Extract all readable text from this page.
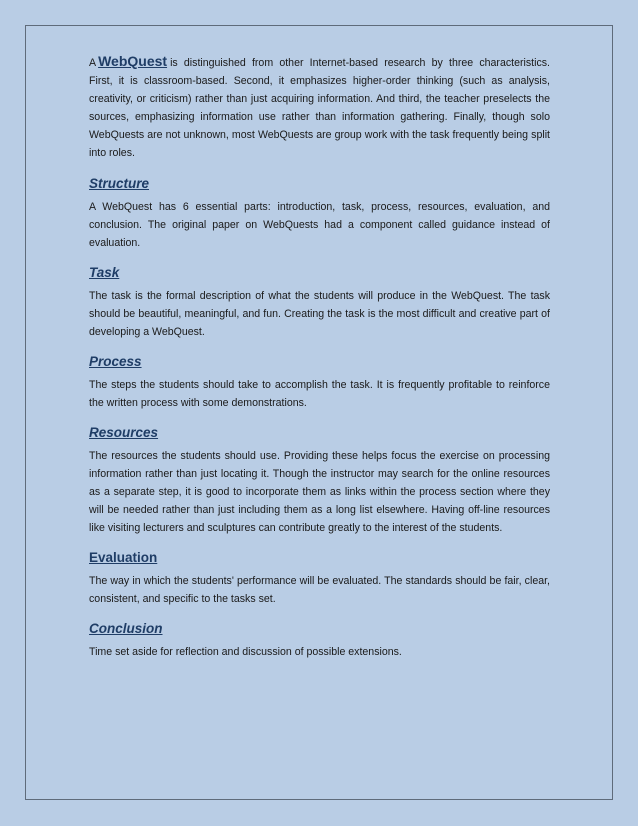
A WebQuest is distinguished from other Internet-based research by three characteristics. First, it is classroom-based. Second, it emphasizes higher-order thinking (such as analysis, creativity, or criticism) rather than just acquiring information. And third, the teacher preselects the sources, emphasizing information use rather than information gathering. Finally, though solo WebQuests are not unknown, most WebQuests are group work with the task frequently being split into roles.

Structure

A WebQuest has 6 essential parts: introduction, task, process, resources, evaluation, and conclusion. The original paper on WebQuests had a component called guidance instead of evaluation.

Task

The task is the formal description of what the students will produce in the WebQuest. The task should be beautiful, meaningful, and fun. Creating the task is the most difficult and creative part of developing a WebQuest.

Process

The steps the students should take to accomplish the task. It is frequently profitable to reinforce the written process with some demonstrations.

Resources

The resources the students should use. Providing these helps focus the exercise on processing information rather than just locating it. Though the instructor may search for the online resources as a separate step, it is good to incorporate them as links within the process section where they will be needed rather than just including them as a long list elsewhere. Having off-line resources like visiting lecturers and sculptures can contribute greatly to the interest of the students.

Evaluation

The way in which the students' performance will be evaluated. The standards should be fair, clear, consistent, and specific to the tasks set.

Conclusion

Time set aside for reflection and discussion of possible extensions.
